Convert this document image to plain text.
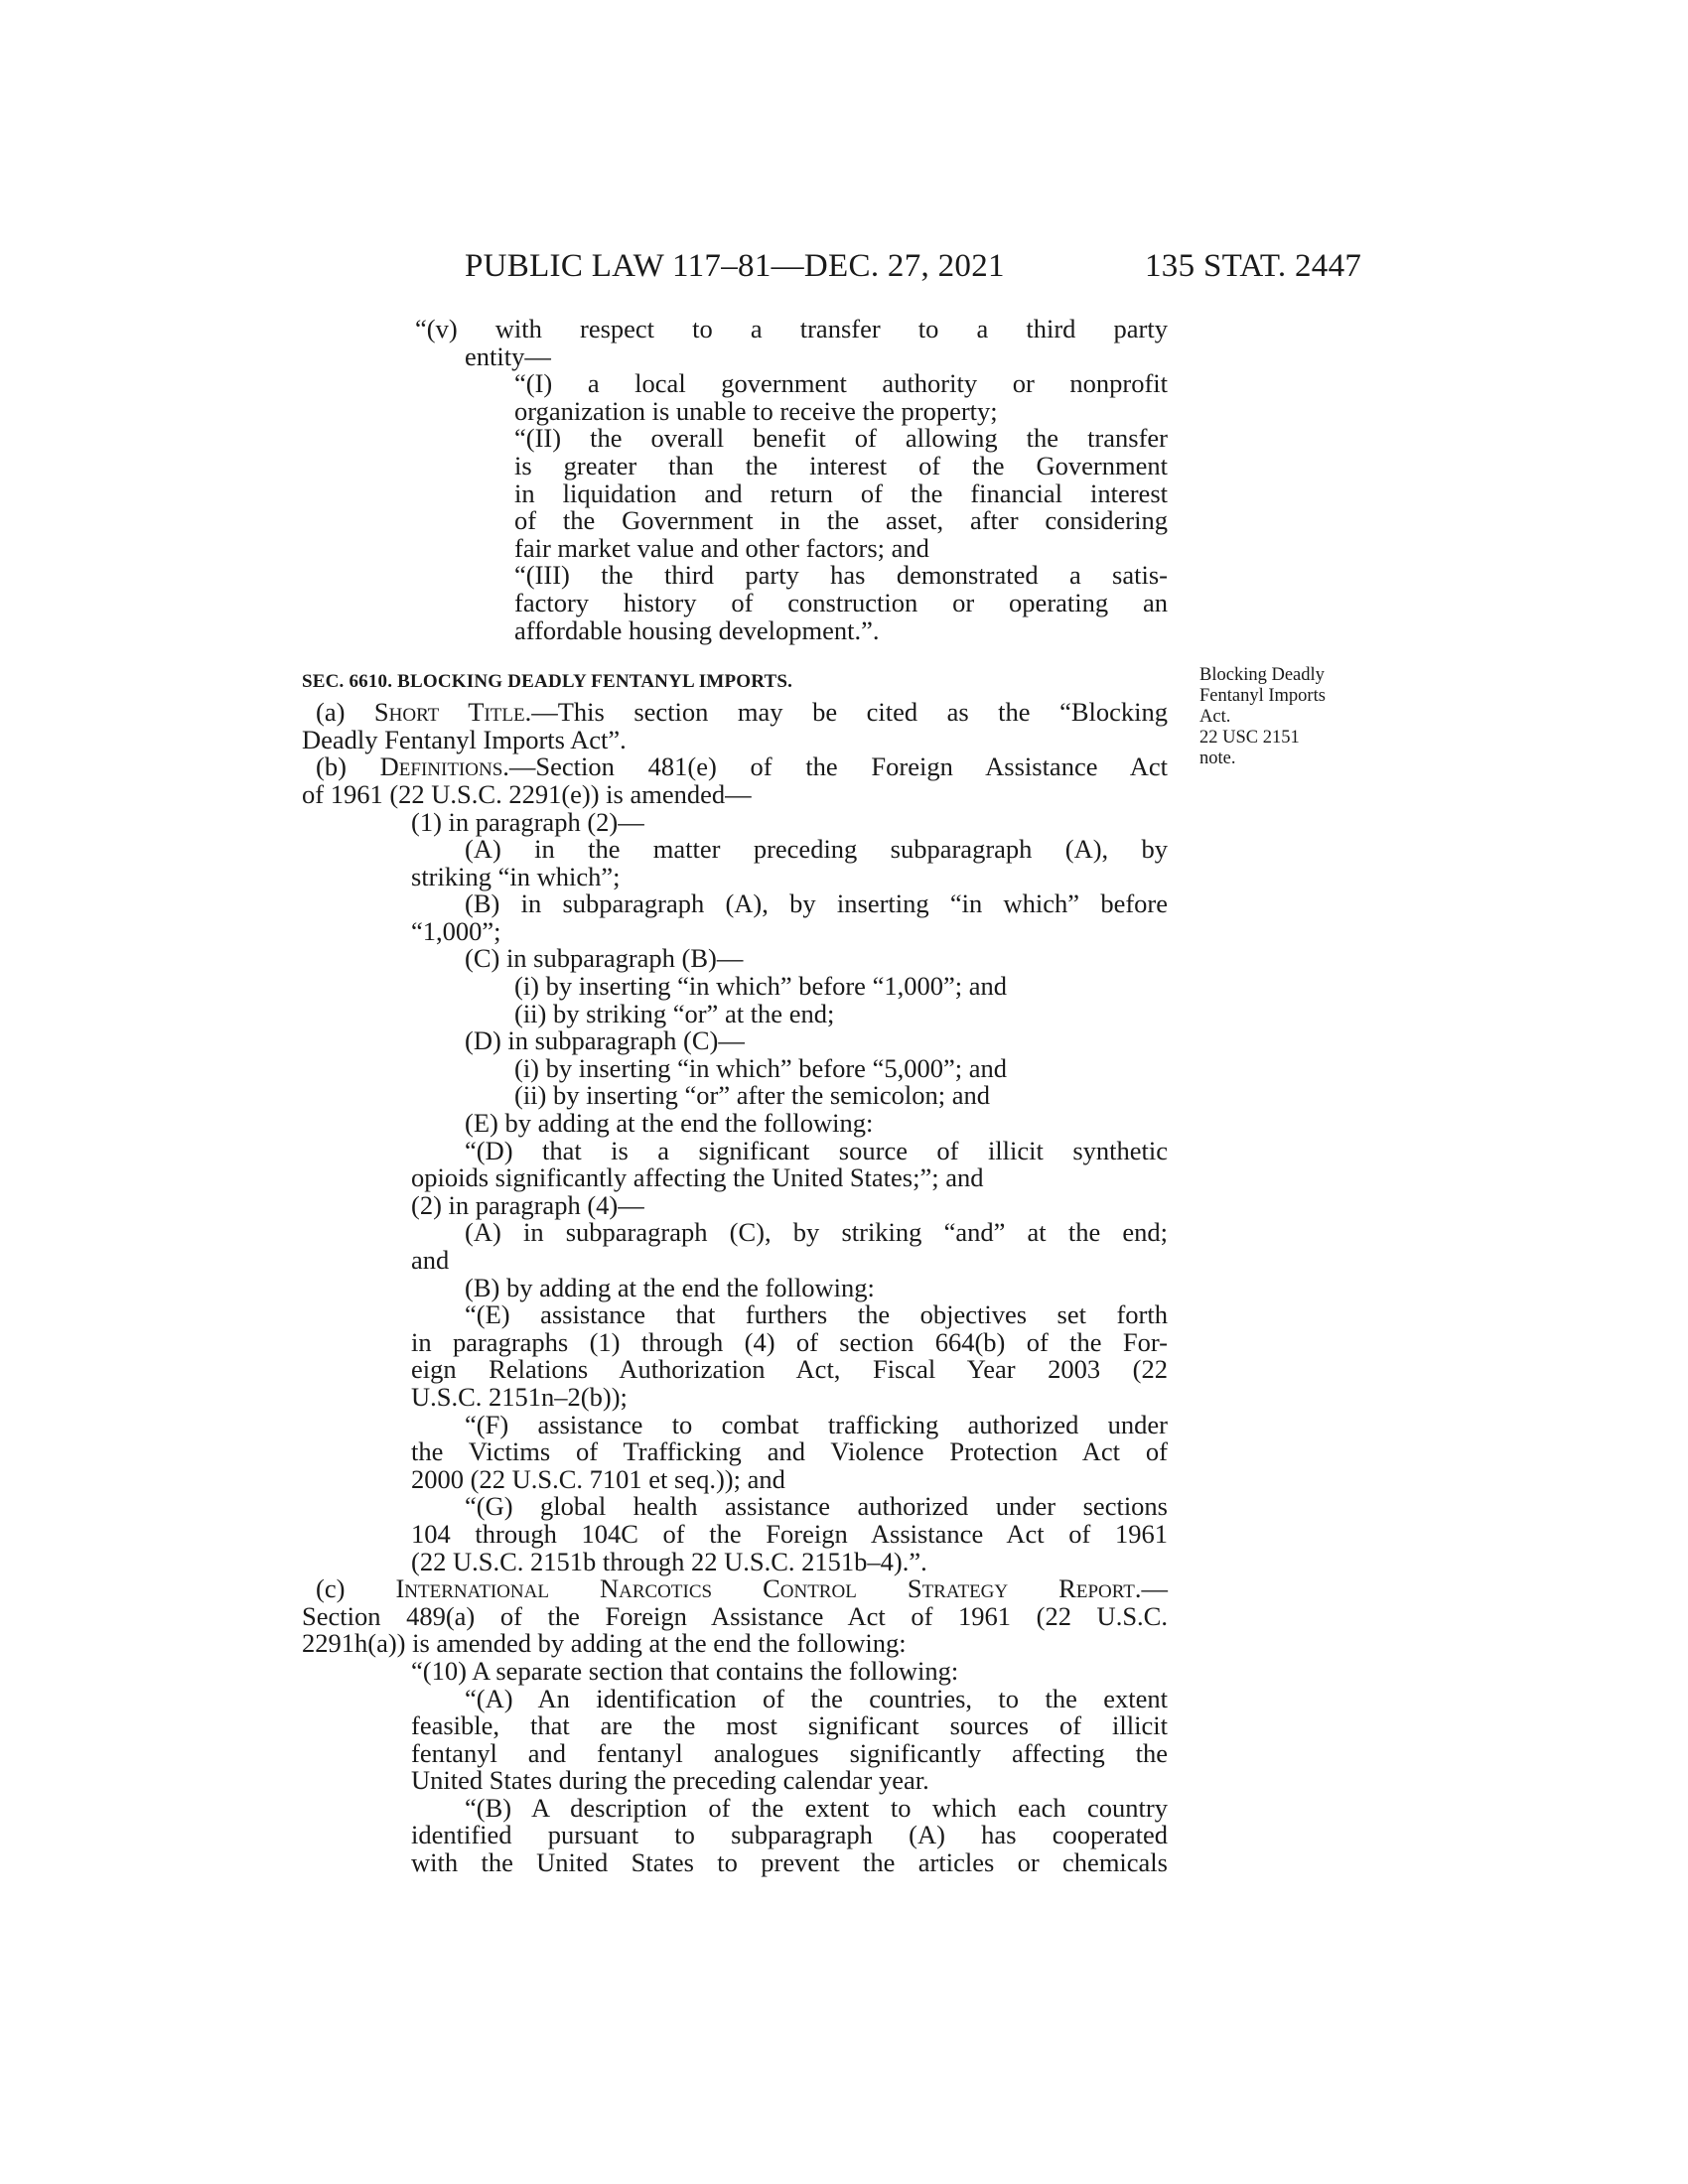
PUBLIC LAW 117–81—DEC. 27, 2021	135 STAT. 2447
Blocking Deadly
Fentanyl Imports
Act.
22 USC 2151
note.
“(v) with respect to a transfer to a third party
entity—
“(I) a local government authority or nonprofit
organization is unable to receive the property;
“(II) the overall benefit of allowing the transfer
is greater than the interest of the Government
in liquidation and return of the financial interest
of the Government in the asset, after considering
fair market value and other factors; and
“(III) the third party has demonstrated a satis-
factory history of construction or operating an
affordable housing development.”.
SEC. 6610. BLOCKING DEADLY FENTANYL IMPORTS.
(a) Short Title.—This section may be cited as the “Blocking
Deadly Fentanyl Imports Act”.
(b) Definitions.—Section 481(e) of the Foreign Assistance Act
of 1961 (22 U.S.C. 2291(e)) is amended—
(1) in paragraph (2)—
(A) in the matter preceding subparagraph (A), by
striking “in which”;
(B) in subparagraph (A), by inserting “in which” before
“1,000”;
(C) in subparagraph (B)—
(i) by inserting “in which” before “1,000”; and
(ii) by striking “or” at the end;
(D) in subparagraph (C)—
(i) by inserting “in which” before “5,000”; and
(ii) by inserting “or” after the semicolon; and
(E) by adding at the end the following:
“(D) that is a significant source of illicit synthetic
opioids significantly affecting the United States;”; and
(2) in paragraph (4)—
(A) in subparagraph (C), by striking “and” at the end;
and
(B) by adding at the end the following:
“(E) assistance that furthers the objectives set forth
in paragraphs (1) through (4) of section 664(b) of the For-
eign Relations Authorization Act, Fiscal Year 2003 (22
U.S.C. 2151n–2(b));
“(F) assistance to combat trafficking authorized under
the Victims of Trafficking and Violence Protection Act of
2000 (22 U.S.C. 7101 et seq.)); and
“(G) global health assistance authorized under sections
104 through 104C of the Foreign Assistance Act of 1961
(22 U.S.C. 2151b through 22 U.S.C. 2151b–4).”.
(c) International Narcotics Control Strategy Report.—
Section 489(a) of the Foreign Assistance Act of 1961 (22 U.S.C.
2291h(a)) is amended by adding at the end the following:
“(10) A separate section that contains the following:
“(A) An identification of the countries, to the extent
feasible, that are the most significant sources of illicit
fentanyl and fentanyl analogues significantly affecting the
United States during the preceding calendar year.
“(B) A description of the extent to which each country
identified pursuant to subparagraph (A) has cooperated
with the United States to prevent the articles or chemicals
